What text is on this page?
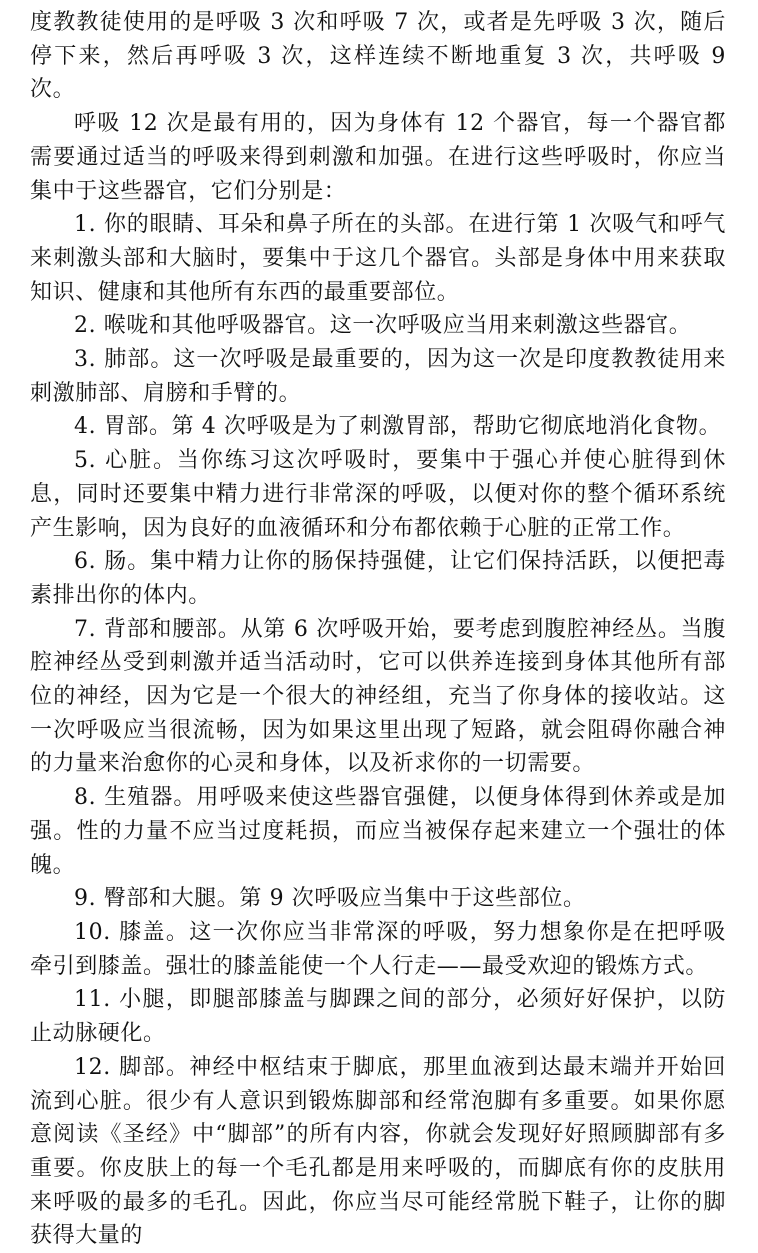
度教教徒使用的是呼吸 3 次和呼吸 7 次，或者是先呼吸 3 次，随后停下来，然后再呼吸 3 次，这样连续不断地重复 3 次，共呼吸 9 次。

呼吸 12 次是最有用的，因为身体有 12 个器官，每一个器官都需要通过适当的呼吸来得到刺激和加强。在进行这些呼吸时，你应当集中于这些器官，它们分别是：

1. 你的眼睛、耳朵和鼻子所在的头部。在进行第 1 次吸气和呼气来刺激头部和大脑时，要集中于这几个器官。头部是身体中用来获取知识、健康和其他所有东西的最重要部位。

2. 喉咙和其他呼吸器官。这一次呼吸应当用来刺激这些器官。

3. 肺部。这一次呼吸是最重要的，因为这一次是印度教教徒用来刺激肺部、肩膀和手臂的。

4. 胃部。第 4 次呼吸是为了刺激胃部，帮助它彻底地消化食物。

5. 心脏。当你练习这次呼吸时，要集中于强心并使心脏得到休息，同时还要集中精力进行非常深的呼吸，以便对你的整个循环系统产生影响，因为良好的血液循环和分布都依赖于心脏的正常工作。

6. 肠。集中精力让你的肠保持强健，让它们保持活跃，以便把毒素排出你的体内。

7. 背部和腰部。从第 6 次呼吸开始，要考虑到腹腔神经丛。当腹腔神经丛受到刺激并适当活动时，它可以供养连接到身体其他所有部位的神经，因为它是一个很大的神经组，充当了你身体的接收站。这一次呼吸应当很流畅，因为如果这里出现了短路，就会阻碍你融合神的力量来治愈你的心灵和身体，以及祈求你的一切需要。

8. 生殖器。用呼吸来使这些器官强健，以便身体得到休养或是加强。性的力量不应当过度耗损，而应当被保存起来建立一个强壮的体魄。

9. 臀部和大腿。第 9 次呼吸应当集中于这些部位。

10. 膝盖。这一次你应当非常深的呼吸，努力想象你是在把呼吸牵引到膝盖。强壮的膝盖能使一个人行走——最受欢迎的锻炼方式。

11. 小腿，即腿部膝盖与脚踝之间的部分，必须好好保护，以防止动脉硬化。

12. 脚部。神经中枢结束于脚底，那里血液到达最末端并开始回流到心脏。很少有人意识到锻炼脚部和经常泡脚有多重要。如果你愿意阅读《圣经》中“脚部”的所有内容，你就会发现好好照顾脚部有多重要。你皮肤上的每一个毛孔都是用来呼吸的，而脚底有你的皮肤用来呼吸的最多的毛孔。因此，你应当尽可能经常脱下鞋子，让你的脚获得大量的
